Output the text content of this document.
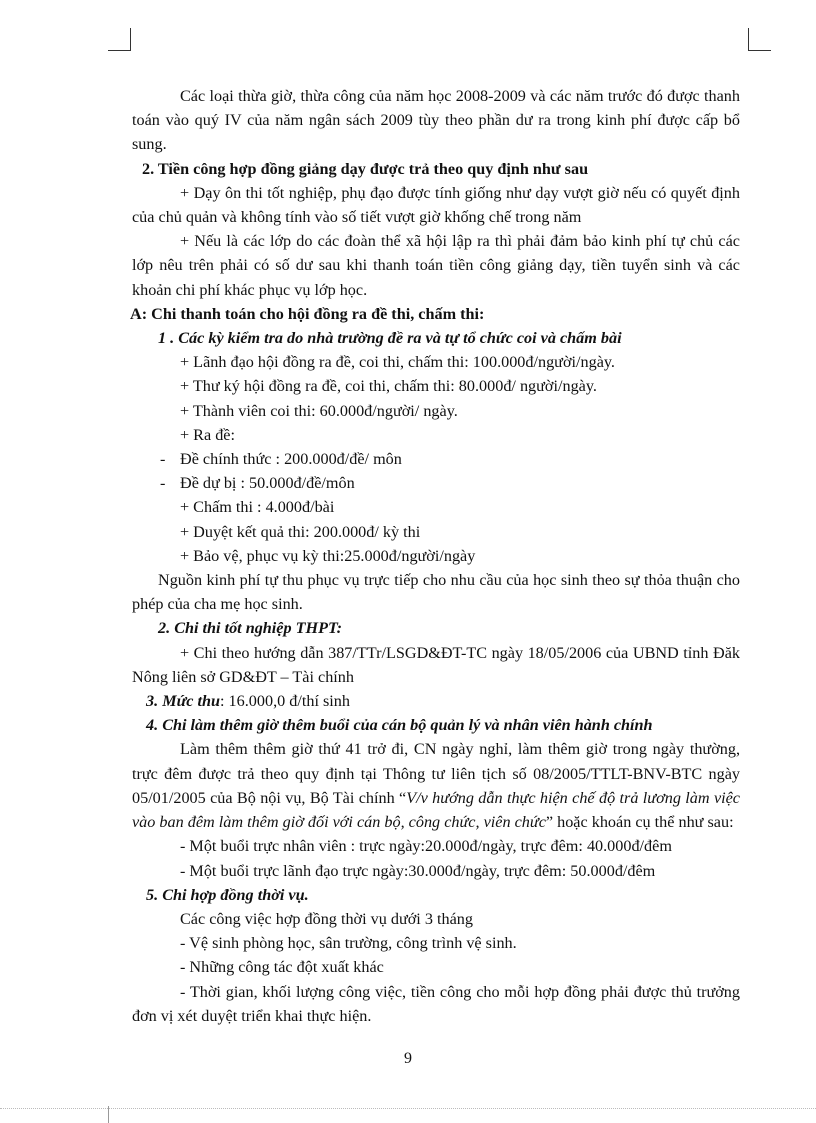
Các loại thừa giờ, thừa công của năm học 2008-2009 và các năm trước đó được thanh toán vào quý IV của năm ngân sách 2009 tùy theo phần dư ra trong kinh phí được cấp bổ sung.

2. Tiền công hợp đồng giảng dạy được trả theo quy định như sau

+ Dạy ôn thi tốt nghiệp, phụ đạo được tính giống như dạy vượt giờ nếu có quyết định của chủ quản và không tính vào số tiết vượt giờ khống chế trong năm

+ Nếu là các lớp do các đoàn thể xã hội lập ra thì phải đảm bảo kinh phí tự chủ các lớp nêu trên phải có số dư sau khi thanh toán tiền công giảng dạy, tiền tuyển sinh và các khoản chi phí khác phục vụ lớp học.

A: Chi thanh toán cho hội đồng ra đề thi, chấm thi:

1 . Các kỳ kiểm tra do nhà trường đề ra và tự tổ chức coi và chấm bài

+ Lãnh đạo hội đồng ra đề, coi thi, chấm thi: 100.000đ/người/ngày.

+ Thư ký hội đồng ra đề, coi thi, chấm thi: 80.000đ/ người/ngày.

+ Thành viên coi thi: 60.000đ/người/ ngày.

+ Ra đề:

- Đề chính thức : 200.000đ/đề/ môn

- Đề dự bị : 50.000đ/đề/môn

+ Chấm thi : 4.000đ/bài

+ Duyệt kết quả thi: 200.000đ/ kỳ thi

+ Bảo vệ, phục vụ kỳ thi:25.000đ/người/ngày

Nguồn kinh phí tự thu phục vụ trực tiếp cho nhu cầu của học sinh theo sự thỏa thuận cho phép của cha mẹ học sinh.

2. Chi thi tốt nghiệp THPT:

+ Chi theo hướng dẫn 387/TTr/LSGD&ĐT-TC ngày 18/05/2006 của UBND tỉnh Đăk Nông liên sở GD&ĐT – Tài chính

3. Mức thu: 16.000,0 đ/thí sinh

4. Chi làm thêm giờ thêm buổi của cán bộ quản lý và nhân viên hành chính

Làm thêm thêm giờ thứ 41 trở đi, CN ngày nghỉ, làm thêm giờ trong ngày thường, trực đêm được trả theo quy định tại Thông tư liên tịch số 08/2005/TTLT-BNV-BTC ngày 05/01/2005 của Bộ nội vụ, Bộ Tài chính “V/v hướng dẫn thực hiện chế độ trả lương làm việc vào ban đêm làm thêm giờ đối với cán bộ, công chức, viên chức” hoặc khoán cụ thể như sau:

- Một buổi trực nhân viên : trực ngày:20.000đ/ngày, trực đêm: 40.000đ/đêm

- Một buổi trực lãnh đạo trực ngày:30.000đ/ngày, trực đêm: 50.000đ/đêm

5. Chi hợp đồng thời vụ.

Các công việc hợp đồng thời vụ dưới 3 tháng

- Vệ sinh phòng học, sân trường, công trình vệ sinh.

- Những công tác đột xuất khác

- Thời gian, khối lượng công việc, tiền công cho mỗi hợp đồng phải được thủ trưởng đơn vị xét duyệt triển khai thực hiện.

9
